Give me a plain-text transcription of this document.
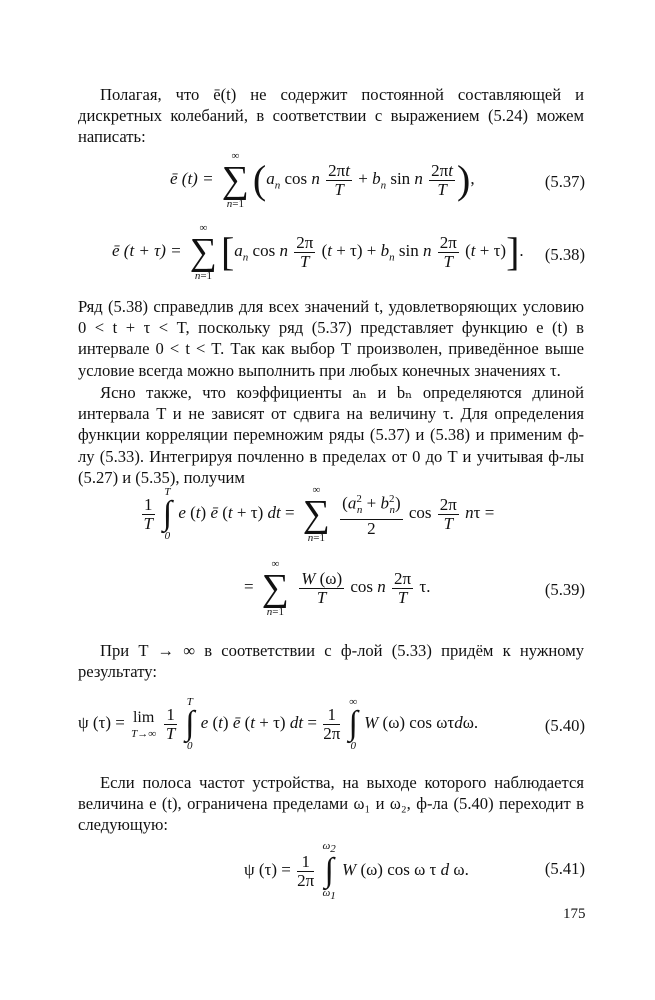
Полагая, что ē(t) не содержит постоянной составляющей и дискретных колебаний, в соответствии с выражением (5.24) можем написать:
ē (t) =
∞
∑
n=1
($a_n$ cos n $\frac{2\pi t}{T} + b_n$ sin n $\frac{2\pi t}{T}$ ),	(5.37)
ē (t + τ) =
∞
∑
n=1
[$a_n$ cos n $\frac{2\pi}{T} (t + \tau) + b_n$ sin n $\frac{2\pi}{T} (t + \tau)$]. (5.38)
Ряд (5.38) справедлив для всех значений t, удовлетворяющих условию 0 < t + τ < T, поскольку ряд (5.37) представляет функцию e (t) в интервале 0 < t < T. Так как выбор T произволен, приведённое выше условие всегда можно выполнить при любых конечных значениях τ.
Ясно также, что коэффициенты aₙ и bₙ определяются длиной интервала T и не зависят от сдвига на величину τ. Для определения функции корреляции перемножим ряды (5.37) и (5.38) и применим ф-лу (5.33). Интегрируя почленно в пределах от 0 до T и учитывая ф-лы (5.27) и (5.35), получим
$\frac{1}{T}$

T
∫
0
e (t) ē (t + τ) dt =
∞
∑
n=1
$\frac{(a^2_n + b^2_n)}{2}$ $\cos \frac{2\pi}{T}$ nτ =
=
∞
∑
n=1

$\frac{W (\omega)}{T}$ cos n $\frac{2\pi}{T} \tau$.	(5.39)
При T → ∞ в соответствии с ф-лой (5.33) придём к нужному результату:
ψ (τ) = lim
T→∞
$\frac{1}{T}$

T
∫
0
e (t) ē (t + τ) dt = $\frac{1}{2\pi}$

∞
∫
0
W (ω) cos ωτdω.	(5.40)
Если полоса частот устройства, на выходе которого наблюдается величина e (t), ограничена пределами ω₁ и ω₂, ф-ла (5.40) переходит в следующую:
ψ $(\tau) = \frac{1}{2\pi}$

$\omega_2$
∫
$\omega_1$
W (ω) cos ω τ d ω.	(5.41)
175
